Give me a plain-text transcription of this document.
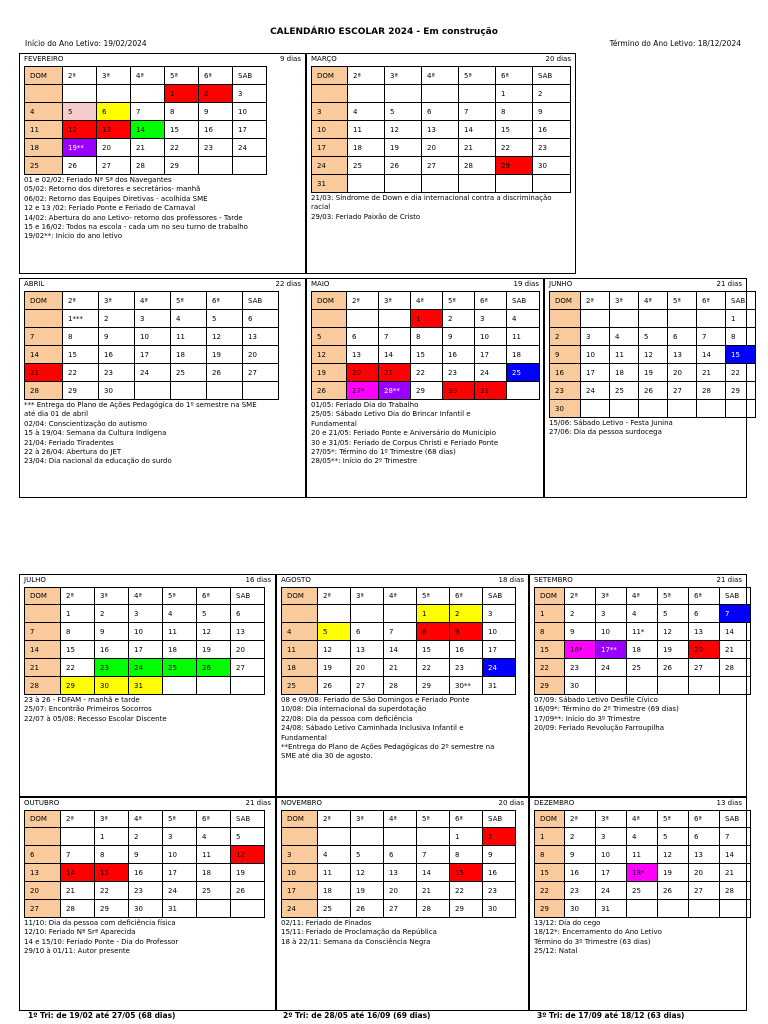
CALENDÁRIO ESCOLAR 2024 - Em construção
Início do Ano Letivo: 19/02/2024	Término do Ano Letivo: 18/12/2024
FEVEREIRO	9 dias
DOM	2ª	3ª	4ª	5ª	6ª	SAB
				1	2	3
4	5	6	7	8	9	10
11	12	13	14	15	16	17
18	19**	20	21	22	23	24
25	26	27	28	29		
01 e 02/02: Feriado Nª Sª dos Navegantes
05/02: Retorno dos diretores e secretários- manhã
06/02: Retorno das Equipes Diretivas - acolhida SME
12 e 13 /02: Feriado Ponte e Feriado de Carnaval
14/02: Abertura do ano Letivo- retorno dos professores - Tarde
15 e 16/02: Todos na escola - cada um no seu turno de trabalho
19/02**: Início do ano letivo
MARÇO	20 dias
DOM	2ª	3ª	4ª	5ª	6ª	SAB
					1	2
3	4	5	6	7	8	9
10	11	12	13	14	15	16
17	18	19	20	21	22	23
24	25	26	27	28	29	30
31						
21/03: Síndrome de Down e dia internacional contra a discriminação racial
29/03: Feriado Paixão de Cristo
ABRIL	22 dias
DOM	2ª	3ª	4ª	5ª	6ª	SAB
	1***	2	3	4	5	6
7	8	9	10	11	12	13
14	15	16	17	18	19	20
21	22	23	24	25	26	27
28	29	30				
*** Entrega do Plano de Ações Pedagógica do 1º semestre na SME
até dia 01 de abril
02/04: Conscientização do autismo
15 à 19/04: Semana da Cultura Indígena
21/04: Feriado Tiradentes
22 à 26/04: Abertura do JET
23/04: Dia nacional da educação do surdo
MAIO	19 dias
DOM	2ª	3ª	4ª	5ª	6ª	SAB
			1	2	3	4
5	6	7	8	9	10	11
12	13	14	15	16	17	18
19	20	21	22	23	24	25
26	27*	28**	29	30	31	
01/05: Feriado Dia do Trabalho
25/05: Sábado Letivo Dia do Brincar Infantil e
Fundamental
20 e 21/05: Feriado Ponte e Aniversário do Município
30 e 31/05: Feriado de Corpus Christi e Feriado Ponte
27/05*: Término do 1º Trimestre (68 dias)
28/05**: Início do 2º Trimestre
JUNHO	21 dias
DOM	2ª	3ª	4ª	5ª	6ª	SAB
						1
2	3	4	5	6	7	8
9	10	11	12	13	14	15
16	17	18	19	20	21	22
23	24	25	26	27	28	29
30						
15/06: Sábado Letivo - Festa Junina
27/06: Dia da pessoa surdocega
JULHO	16 dias
DOM	2ª	3ª	4ª	5ª	6ª	SAB
	1	2	3	4	5	6
7	8	9	10	11	12	13
14	15	16	17	18	19	20
21	22	23	24	25	26	27
28	29	30	31			
23 à 26 - FDFAM - manhã e tarde
25/07: Encontrão Primeiros Socorros
22/07 à 05/08: Recesso Escolar Discente
AGOSTO	18 dias
DOM	2ª	3ª	4ª	5ª	6ª	SAB
				1	2	3
4	5	6	7	8	9	10
11	12	13	14	15	16	17
18	19	20	21	22	23	24
25	26	27	28	29	30**	31
08 e 09/08: Feriado de São Domingos e Feriado Ponte
10/08: Dia internacional da superdotação
22/08: Dia da pessoa com deficiência
24/08: Sábado Letivo Caminhada Inclusiva Infantil e
Fundamental
**Entrega do Plano de Ações Pedagógicas do 2º semestre na
SME até dia 30 de agosto.
SETEMBRO	21 dias
DOM	2ª	3ª	4ª	5ª	6ª	SAB
1	2	3	4	5	6	7
8	9	10	11*	12	13	14
15	16*	17**	18	19	20	21
22	23	24	25	26	27	28
29	30					
07/09: Sábado Letivo Desfile Cívico
16/09*: Término do 2º Trimestre (69 dias)
17/09**: Início do 3º Trimestre
20/09: Feriado Revolução Farroupilha
OUTUBRO	21 dias
DOM	2ª	3ª	4ª	5ª	6ª	SAB
		1	2	3	4	5
6	7	8	9	10	11	12
13	14	15	16	17	18	19
20	21	22	23	24	25	26
27	28	29	30	31		
11/10: Dia da pessoa com deficiência física
12/10: Feriado Nª Srª Aparecida
14 e 15/10: Feriado Ponte - Dia do Professor
29/10 à 01/11: Autor presente
NOVEMBRO	20 dias
DOM	2ª	3ª	4ª	5ª	6ª	SAB
					1	2
3	4	5	6	7	8	9
10	11	12	13	14	15	16
17	18	19	20	21	22	23
24	25	26	27	28	29	30
02/11: Feriado de Finados
15/11: Feriado de Proclamação da República
18 à 22/11: Semana da Consciência Negra
DEZEMBRO	13 dias
DOM	2ª	3ª	4ª	5ª	6ª	SAB
1	2	3	4	5	6	7
8	9	10	11	12	13	14
15	16	17	18*	19	20	21
22	23	24	25	26	27	28
29	30	31				
13/12: Dia do cego
18/12*: Encerramento do Ano Letivo
Término do 3º Trimestre (63 dias)
25/12: Natal
1º Tri: de 19/02 até 27/05 (68 dias)	2º Tri: de 28/05 até 16/09 (69 dias)	3º Tri: de 17/09 até 18/12 (63 dias)
